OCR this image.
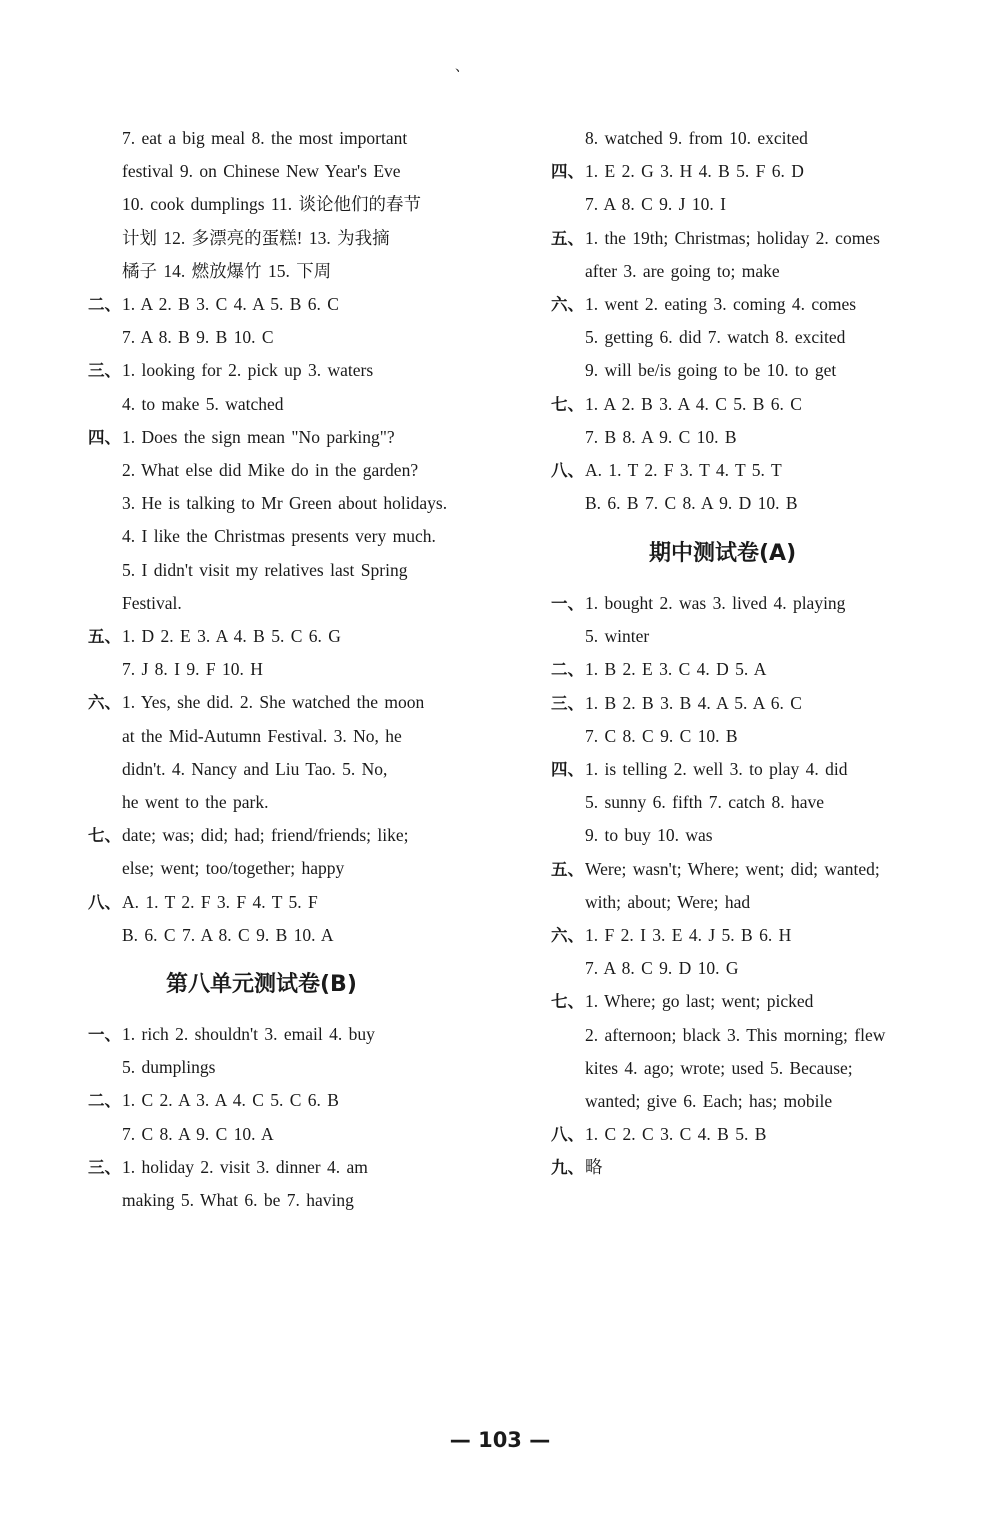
、
7. eat a big meal 8. the most important
festival 9. on Chinese New Year's Eve
10. cook dumplings 11. 谈论他们的春节
计划 12. 多漂亮的蛋糕! 13. 为我摘
橘子 14. 燃放爆竹 15. 下周
二、1. A 2. B 3. C 4. A 5. B 6. C
7. A 8. B 9. B 10. C
三、1. looking for 2. pick up 3. waters
4. to make 5. watched
四、1. Does the sign mean "No parking"?
2. What else did Mike do in the garden?
3. He is talking to Mr Green about holidays.
4. I like the Christmas presents very much.
5. I didn't visit my relatives last Spring
Festival.
五、1. D 2. E 3. A 4. B 5. C 6. G
7. J 8. I 9. F 10. H
六、1. Yes, she did. 2. She watched the moon
at the Mid-Autumn Festival. 3. No, he
didn't. 4. Nancy and Liu Tao. 5. No,
he went to the park.
七、date; was; did; had; friend/friends; like;
else; went; too/together; happy
八、A. 1. T 2. F 3. F 4. T 5. F
B. 6. C 7. A 8. C 9. B 10. A
第八单元测试卷(B)
一、1. rich 2. shouldn't 3. email 4. buy
5. dumplings
二、1. C 2. A 3. A 4. C 5. C 6. B
7. C 8. A 9. C 10. A
三、1. holiday 2. visit 3. dinner 4. am
making 5. What 6. be 7. having
8. watched 9. from 10. excited
四、1. E 2. G 3. H 4. B 5. F 6. D
7. A 8. C 9. J 10. I
五、1. the 19th; Christmas; holiday 2. comes
after 3. are going to; make
六、1. went 2. eating 3. coming 4. comes
5. getting 6. did 7. watch 8. excited
9. will be/is going to be 10. to get
七、1. A 2. B 3. A 4. C 5. B 6. C
7. B 8. A 9. C 10. B
八、A. 1. T 2. F 3. T 4. T 5. T
B. 6. B 7. C 8. A 9. D 10. B
期中测试卷(A)
一、1. bought 2. was 3. lived 4. playing
5. winter
二、1. B 2. E 3. C 4. D 5. A
三、1. B 2. B 3. B 4. A 5. A 6. C
7. C 8. C 9. C 10. B
四、1. is telling 2. well 3. to play 4. did
5. sunny 6. fifth 7. catch 8. have
9. to buy 10. was
五、Were; wasn't; Where; went; did; wanted;
with; about; Were; had
六、1. F 2. I 3. E 4. J 5. B 6. H
7. A 8. C 9. D 10. G
七、1. Where; go last; went; picked
2. afternoon; black 3. This morning; flew
kites 4. ago; wrote; used 5. Because;
wanted; give 6. Each; has; mobile
八、1. C 2. C 3. C 4. B 5. B
九、略
— 103 —
